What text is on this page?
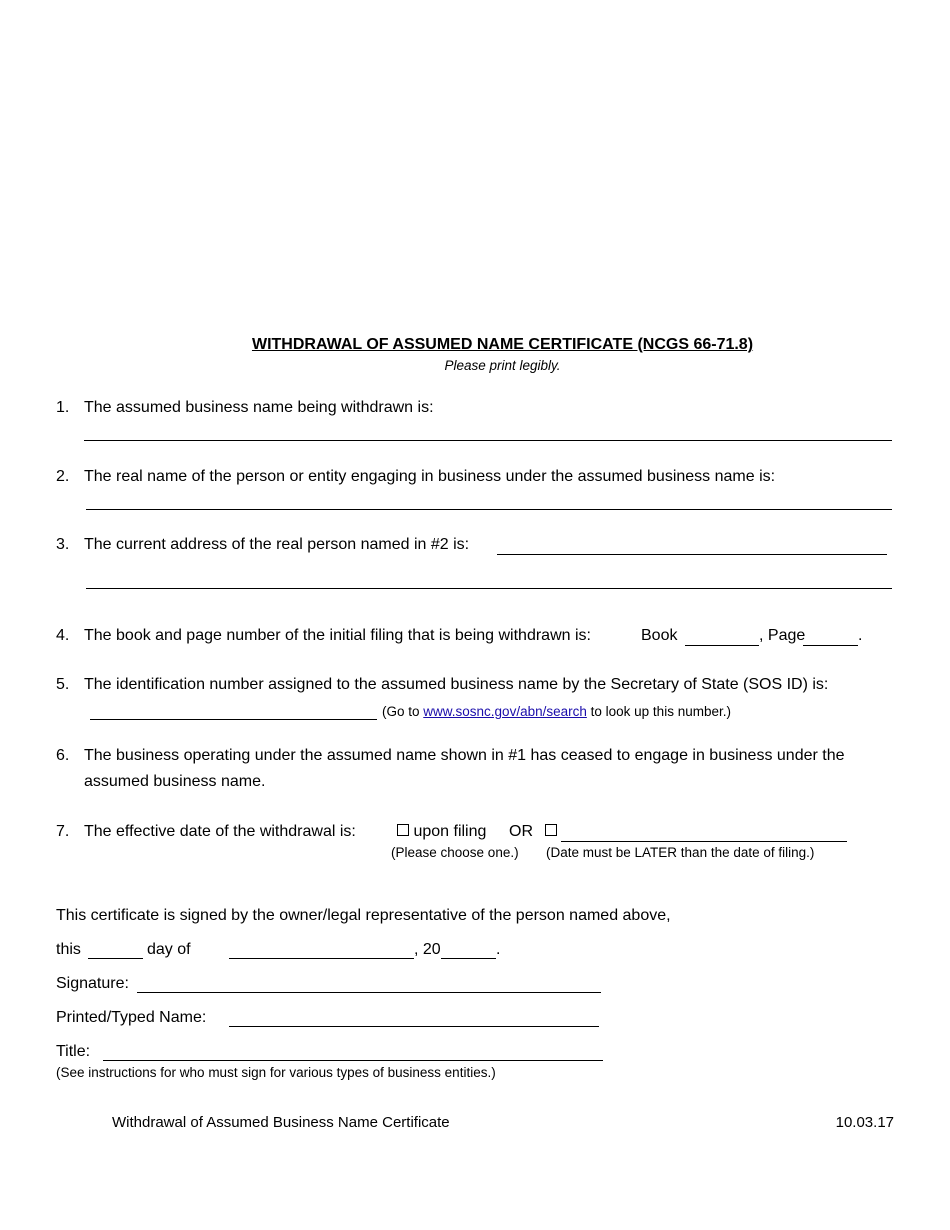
WITHDRAWAL OF ASSUMED NAME CERTIFICATE (NCGS 66-71.8)
Please print legibly.
1. The assumed business name being withdrawn is:
2. The real name of the person or entity engaging in business under the assumed business name is:
3. The current address of the real person named in #2 is:
4. The book and page number of the initial filing that is being withdrawn is:	Book	, Page	.
5. The identification number assigned to the assumed business name by the Secretary of State (SOS ID) is:
(Go to www.sosnc.gov/abn/search to look up this number.)
6. The business operating under the assumed name shown in #1 has ceased to engage in business under the
assumed business name.
7. The effective date of the withdrawal is:	upon filing OR
(Please choose one.) (Date must be LATER than the date of filing.)
This certificate is signed by the owner/legal representative of the person named above,
this	day of	, 20	.
Signature:
Printed/Typed Name:
Title:
(See instructions for who must sign for various types of business entities.)
Withdrawal of Assumed Business Name Certificate	10.03.17
